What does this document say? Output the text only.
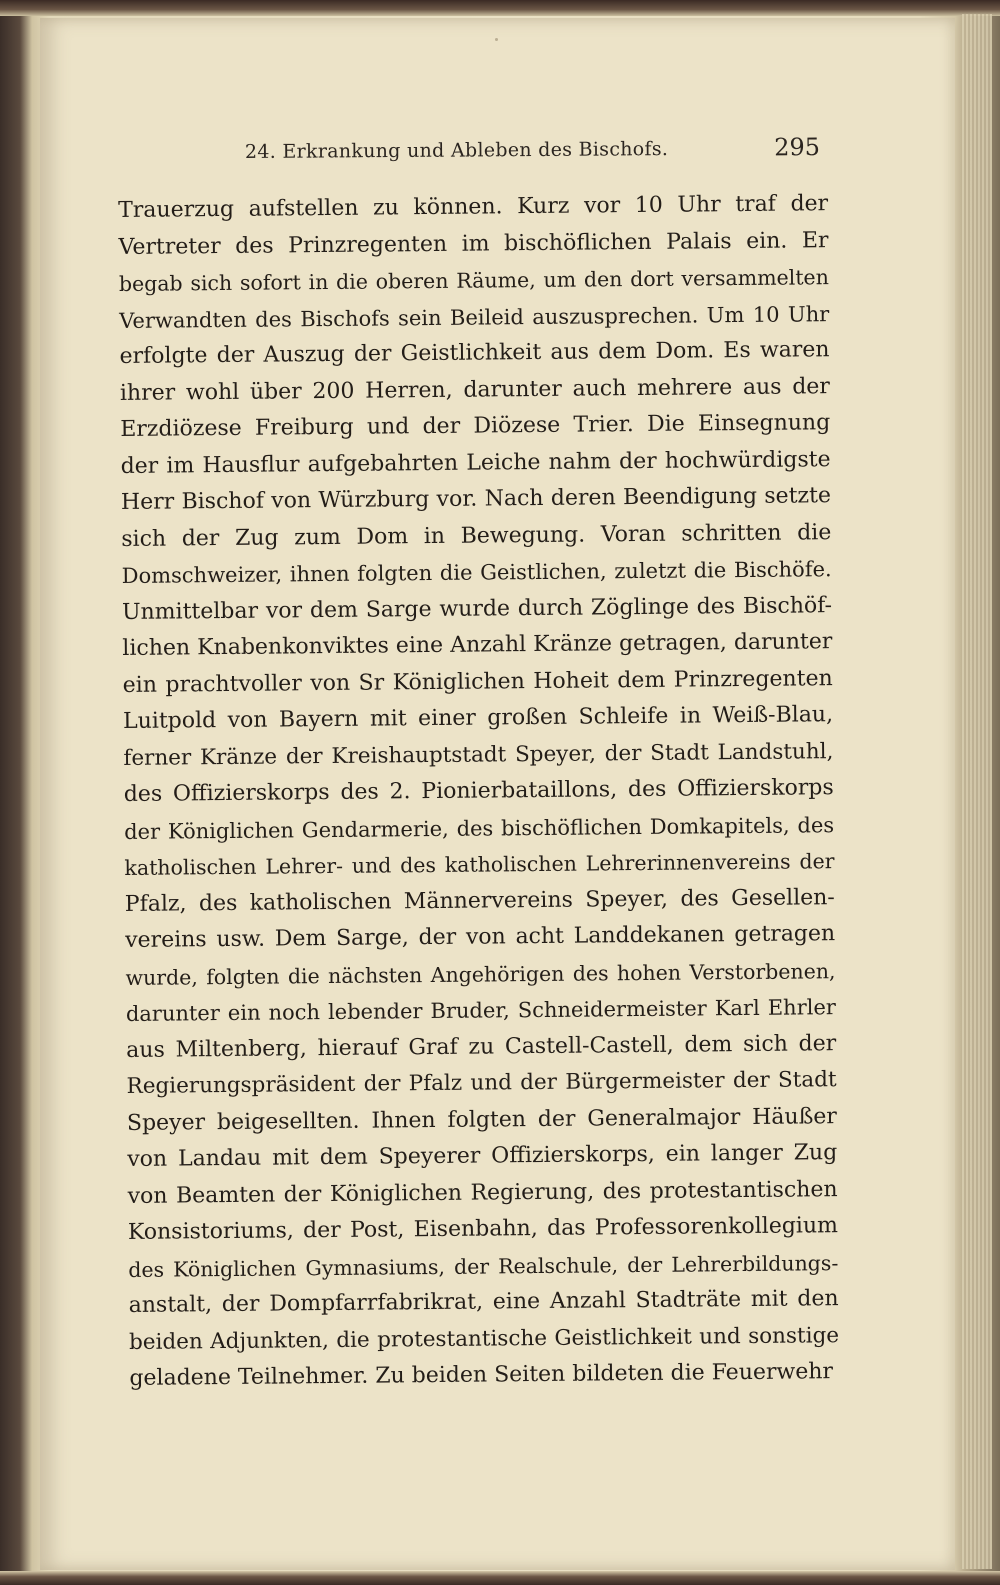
24. Erkrankung und Ableben des Bischofs.	295
Trauerzug aufstellen zu können. Kurz vor 10 Uhr traf der
Vertreter des Prinzregenten im bischöflichen Palais ein. Er
begab sich sofort in die oberen Räume, um den dort versammelten
Verwandten des Bischofs sein Beileid auszusprechen. Um 10 Uhr
erfolgte der Auszug der Geistlichkeit aus dem Dom. Es waren
ihrer wohl über 200 Herren, darunter auch mehrere aus der
Erzdiözese Freiburg und der Diözese Trier. Die Einsegnung
der im Hausflur aufgebahrten Leiche nahm der hochwürdigste
Herr Bischof von Würzburg vor. Nach deren Beendigung setzte
sich der Zug zum Dom in Bewegung. Voran schritten die
Domschweizer, ihnen folgten die Geistlichen, zuletzt die Bischöfe.
Unmittelbar vor dem Sarge wurde durch Zöglinge des Bischöf-
lichen Knabenkonviktes eine Anzahl Kränze getragen, darunter
ein prachtvoller von Sr Königlichen Hoheit dem Prinzregenten
Luitpold von Bayern mit einer großen Schleife in Weiß-Blau,
ferner Kränze der Kreishauptstadt Speyer, der Stadt Landstuhl,
des Offizierskorps des 2. Pionierbataillons, des Offizierskorps
der Königlichen Gendarmerie, des bischöflichen Domkapitels, des
katholischen Lehrer- und des katholischen Lehrerinnenvereins der
Pfalz, des katholischen Männervereins Speyer, des Gesellen-
vereins usw. Dem Sarge, der von acht Landdekanen getragen
wurde, folgten die nächsten Angehörigen des hohen Verstorbenen,
darunter ein noch lebender Bruder, Schneidermeister Karl Ehrler
aus Miltenberg, hierauf Graf zu Castell-Castell, dem sich der
Regierungspräsident der Pfalz und der Bürgermeister der Stadt
Speyer beigesellten. Ihnen folgten der Generalmajor Häußer
von Landau mit dem Speyerer Offizierskorps, ein langer Zug
von Beamten der Königlichen Regierung, des protestantischen
Konsistoriums, der Post, Eisenbahn, das Professorenkollegium
des Königlichen Gymnasiums, der Realschule, der Lehrerbildungs-
anstalt, der Dompfarrfabrikrat, eine Anzahl Stadträte mit den
beiden Adjunkten, die protestantische Geistlichkeit und sonstige
geladene Teilnehmer. Zu beiden Seiten bildeten die Feuerwehr
